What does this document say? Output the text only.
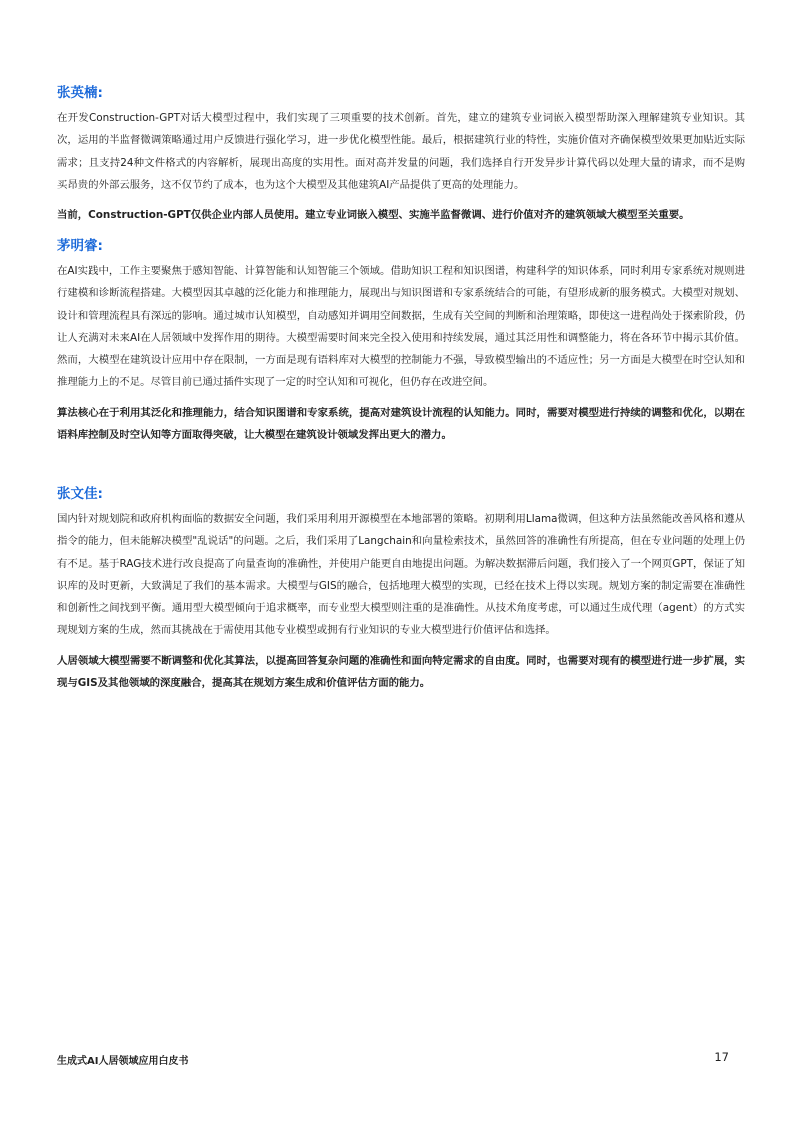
张英楠:

在开发Construction-GPT对话大模型过程中，我们实现了三项重要的技术创新。首先，建立的建筑专业词嵌入模型帮助深入理解建筑专业知识。其次，运用的半监督微调策略通过用户反馈进行强化学习，进一步优化模型性能。最后，根据建筑行业的特性，实施价值对齐确保模型效果更加贴近实际需求；且支持24种文件格式的内容解析，展现出高度的实用性。面对高并发量的问题，我们选择自行开发异步计算代码以处理大量的请求，而不是购买昂贵的外部云服务，这不仅节约了成本，也为这个大模型及其他建筑AI产品提供了更高的处理能力。

当前，Construction-GPT仅供企业内部人员使用。建立专业词嵌入模型、实施半监督微调、进行价值对齐的建筑领域大模型至关重要。

茅明睿:

在AI实践中，工作主要聚焦于感知智能、计算智能和认知智能三个领域。借助知识工程和知识图谱，构建科学的知识体系，同时利用专家系统对规则进行建模和诊断流程搭建。大模型因其卓越的泛化能力和推理能力，展现出与知识图谱和专家系统结合的可能，有望形成新的服务模式。大模型对规划、设计和管理流程具有深远的影响。通过城市认知模型，自动感知并调用空间数据，生成有关空间的判断和治理策略，即使这一进程尚处于探索阶段，仍让人充满对未来AI在人居领域中发挥作用的期待。大模型需要时间来完全投入使用和持续发展，通过其泛用性和调整能力，将在各环节中揭示其价值。然而，大模型在建筑设计应用中存在限制，一方面是现有语料库对大模型的控制能力不强，导致模型输出的不适应性；另一方面是大模型在时空认知和推理能力上的不足。尽管目前已通过插件实现了一定的时空认知和可视化，但仍存在改进空间。

算法核心在于利用其泛化和推理能力，结合知识图谱和专家系统，提高对建筑设计流程的认知能力。同时，需要对模型进行持续的调整和优化，以期在语料库控制及时空认知等方面取得突破，让大模型在建筑设计领域发挥出更大的潜力。

张文佳:

国内针对规划院和政府机构面临的数据安全问题，我们采用利用开源模型在本地部署的策略。初期利用Llama微调，但这种方法虽然能改善风格和遵从指令的能力，但未能解决模型"乱说话"的问题。之后，我们采用了Langchain和向量检索技术，虽然回答的准确性有所提高，但在专业问题的处理上仍有不足。基于RAG技术进行改良提高了向量查询的准确性，并使用户能更自由地提出问题。为解决数据滞后问题，我们接入了一个网页GPT，保证了知识库的及时更新，大致满足了我们的基本需求。大模型与GIS的融合，包括地理大模型的实现，已经在技术上得以实现。规划方案的制定需要在准确性和创新性之间找到平衡。通用型大模型倾向于追求概率，而专业型大模型则注重的是准确性。从技术角度考虑，可以通过生成代理（agent）的方式实现规划方案的生成，然而其挑战在于需使用其他专业模型或拥有行业知识的专业大模型进行价值评估和选择。

人居领域大模型需要不断调整和优化其算法，以提高回答复杂问题的准确性和面向特定需求的自由度。同时，也需要对现有的模型进行进一步扩展，实现与GIS及其他领域的深度融合，提高其在规划方案生成和价值评估方面的能力。

生成式AI人居领域应用白皮书	17
